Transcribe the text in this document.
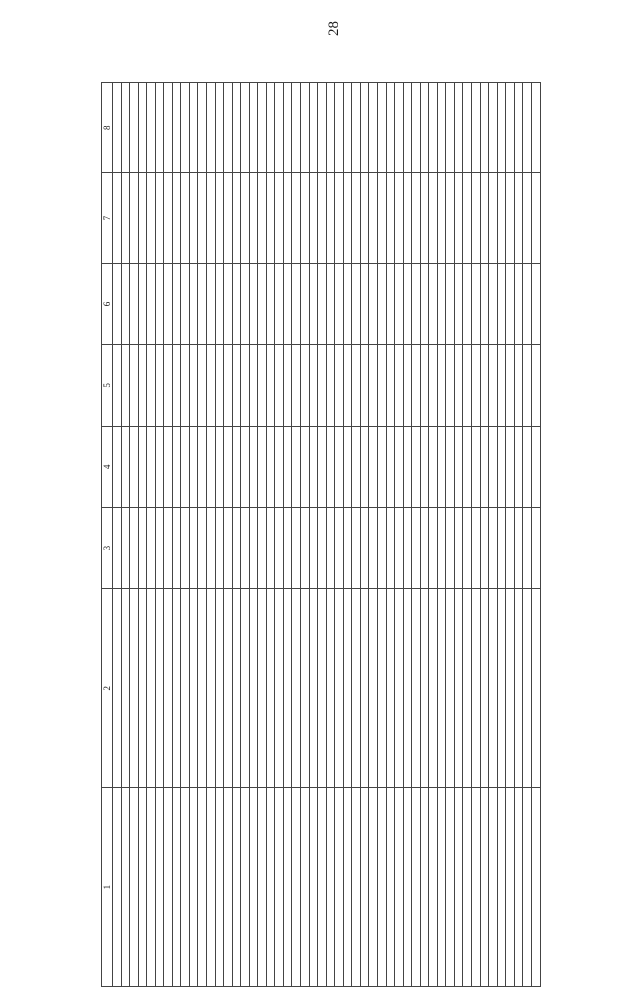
28
1	2	3	4	5	6	7	8
